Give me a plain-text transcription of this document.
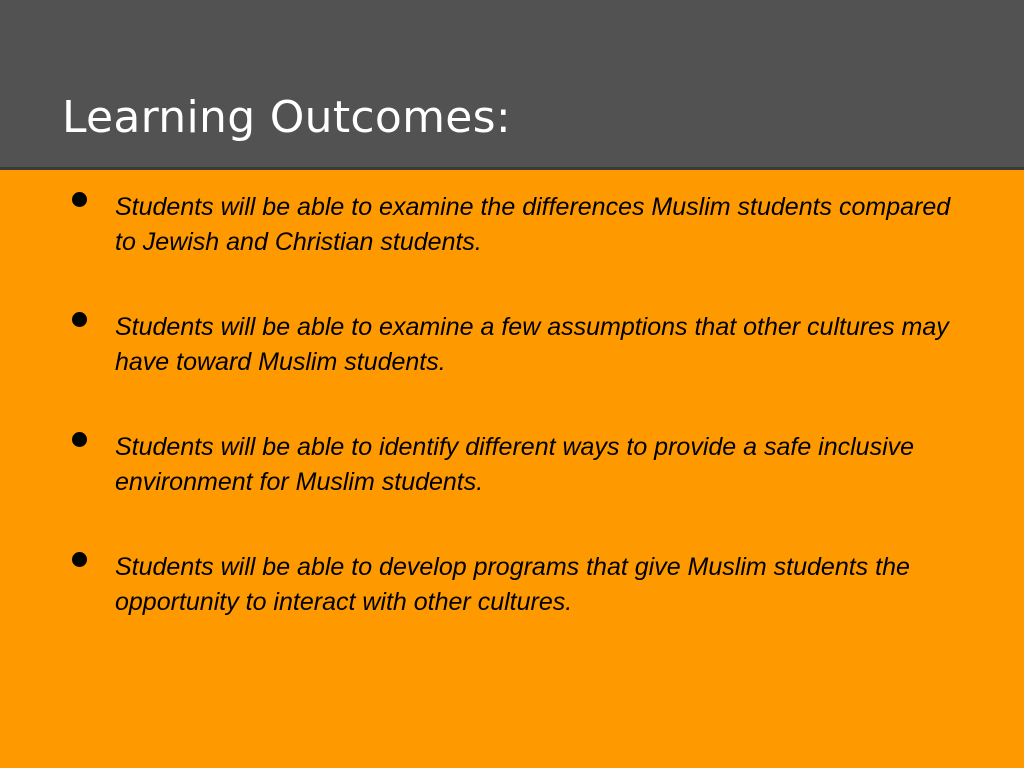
Learning Outcomes:
Students will be able to examine the differences Muslim students compared to Jewish and Christian students.
Students will be able to examine a few assumptions that other cultures may have toward Muslim students.
Students will be able to identify different ways to provide a safe inclusive environment for Muslim students.
Students will be able to develop programs that give Muslim students the opportunity to interact with other cultures.
